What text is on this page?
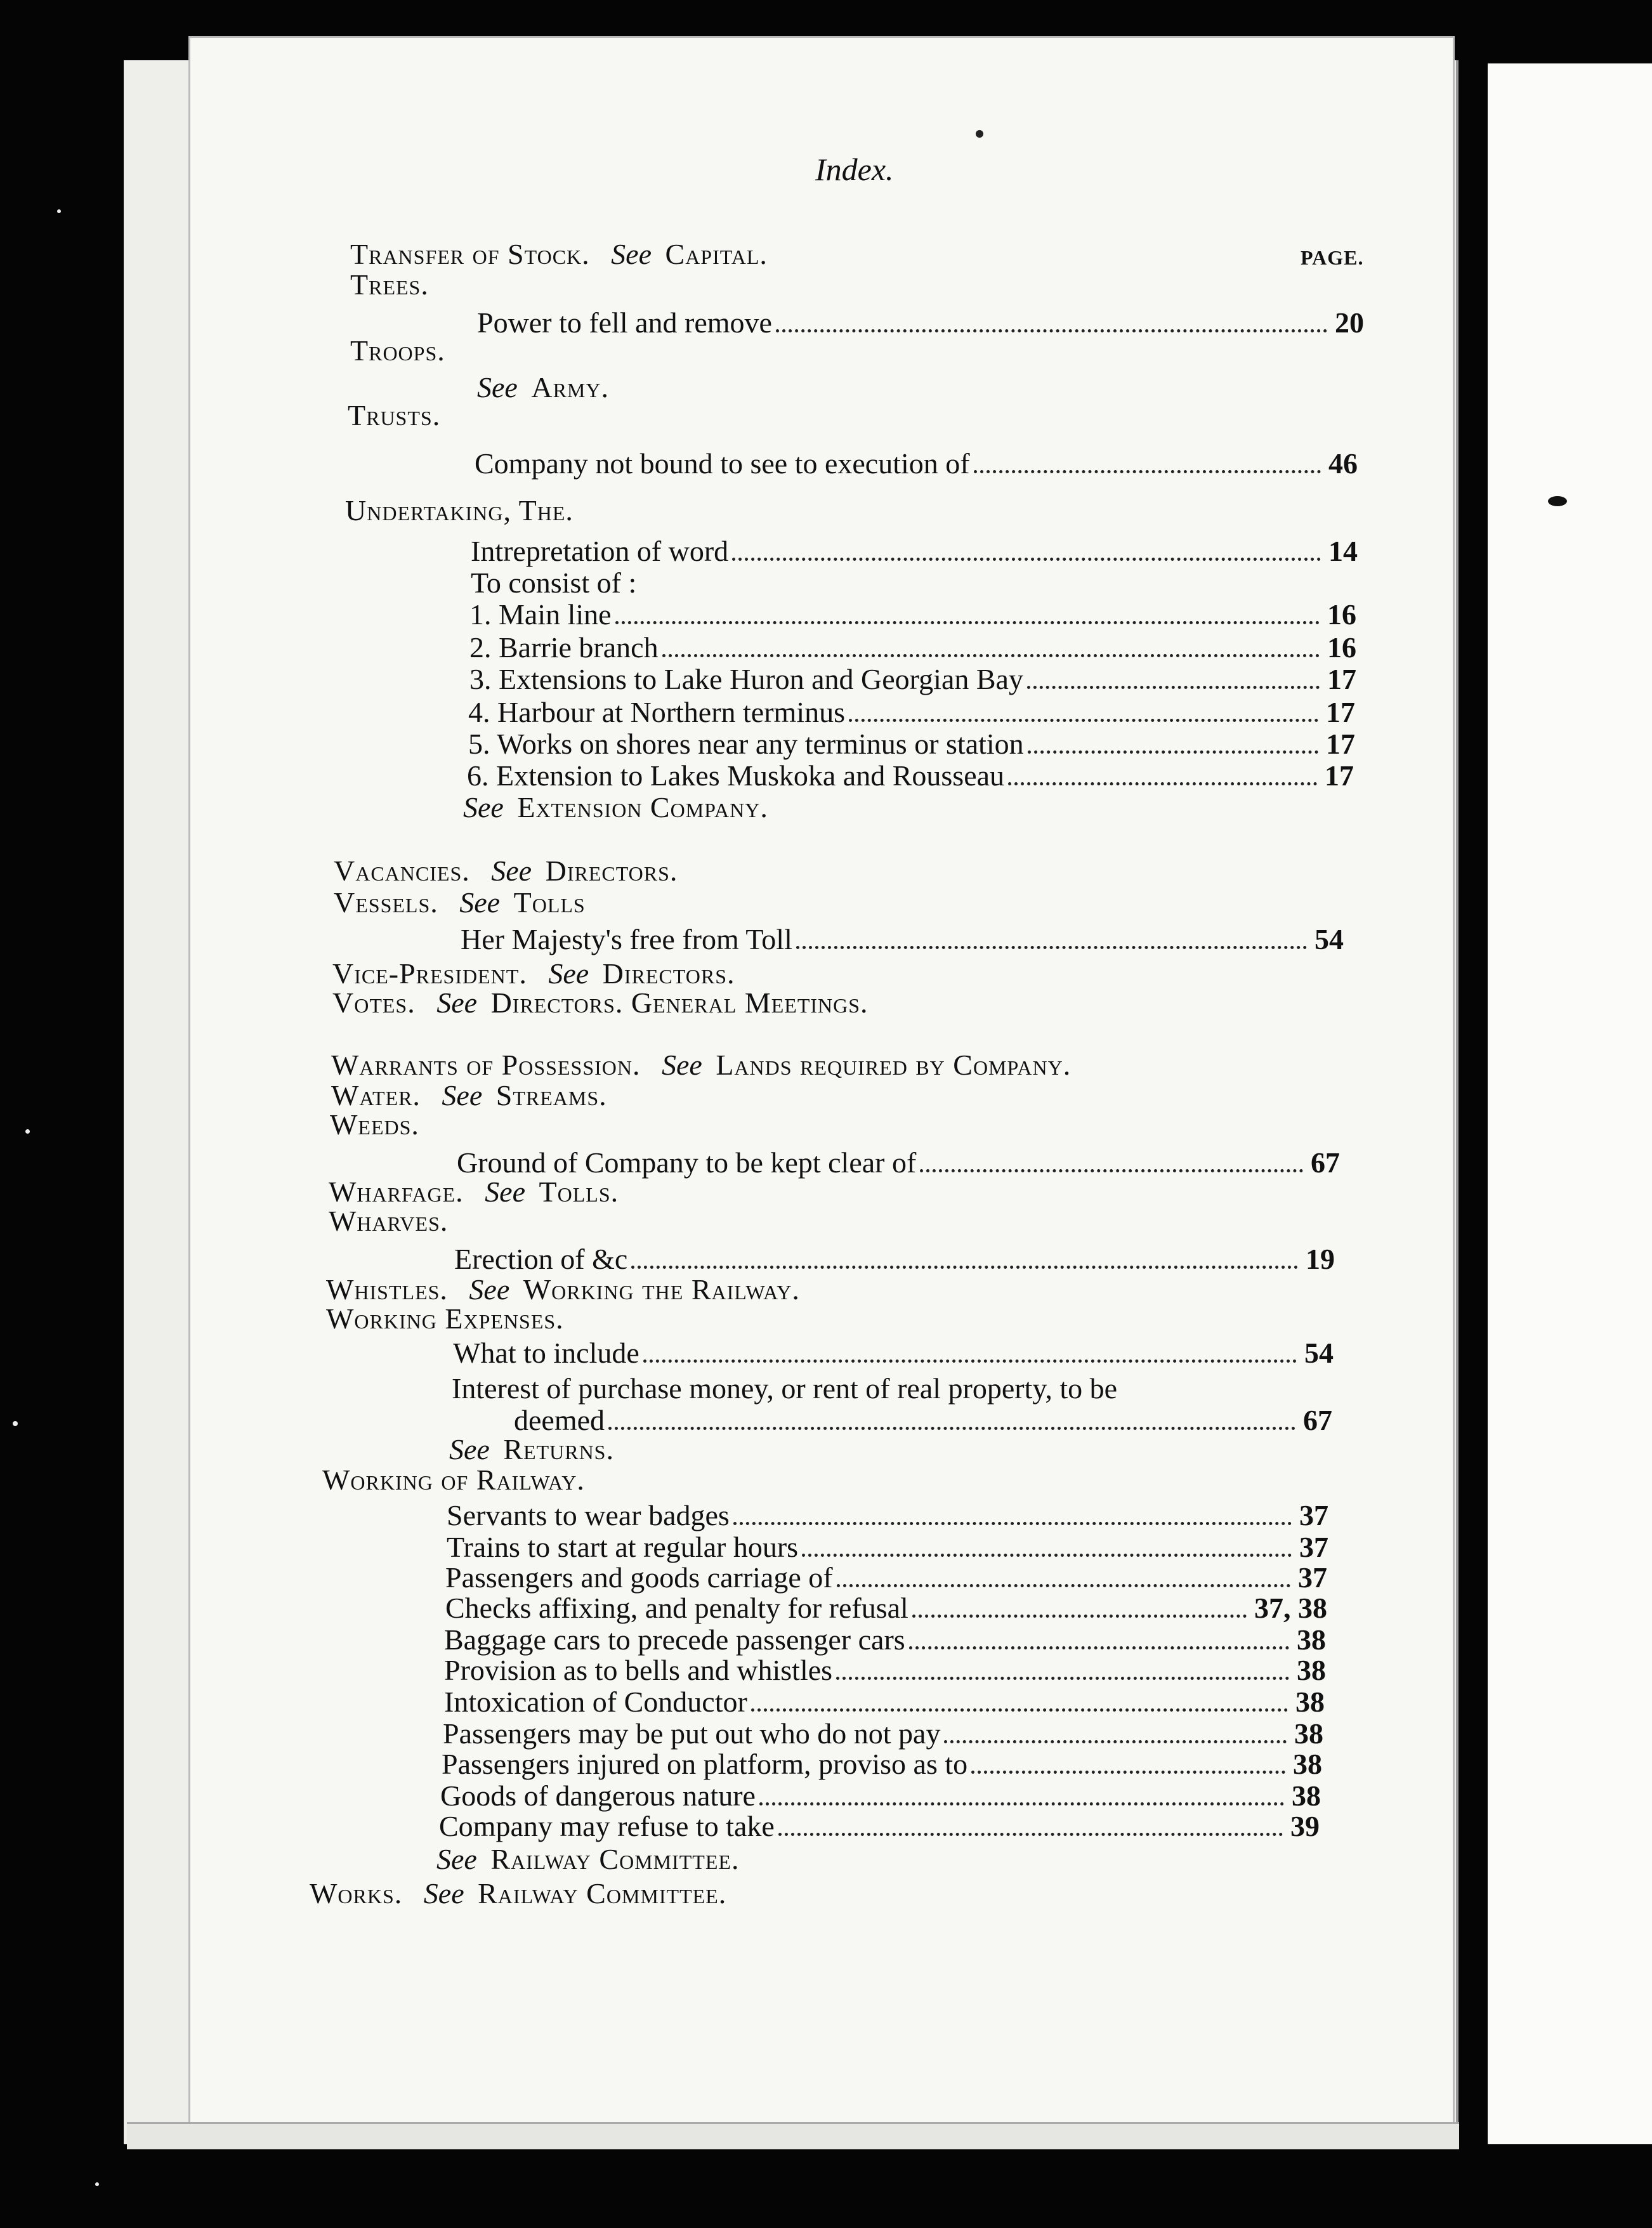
Index.
PAGE.
Transfer of Stock. See Capital.
Trees.
Power to fell and remove	20
Troops.
See Army.
Trusts.
Company not bound to see to execution of	46
Undertaking, The.
Intrepretation of word	14
To consist of :
1. Main line	16
2. Barrie branch	16
3. Extensions to Lake Huron and Georgian Bay	17
4. Harbour at Northern terminus	17
5. Works on shores near any terminus or station	17
6. Extension to Lakes Muskoka and Rousseau	17
See Extension Company.
Vacancies. See Directors.
Vessels. See Tolls
Her Majesty's free from Toll	54
Vice-President. See Directors.
Votes. See Directors. General Meetings.
Warrants of Possession. See Lands required by Company.
Water. See Streams.
Weeds.
Ground of Company to be kept clear of	67
Wharfage. See Tolls.
Wharves.
Erection of &c	19
Whistles. See Working the Railway.
Working Expenses.
What to include	54
Interest of purchase money, or rent of real property, to be
deemed	67
See Returns.
Working of Railway.
Servants to wear badges	37
Trains to start at regular hours	37
Passengers and goods carriage of	37
Checks affixing, and penalty for refusal	37, 38
Baggage cars to precede passenger cars	38
Provision as to bells and whistles	38
Intoxication of Conductor	38
Passengers may be put out who do not pay	38
Passengers injured on platform, proviso as to	38
Goods of dangerous nature	38
Company may refuse to take	39
See Railway Committee.
Works. See Railway Committee.
